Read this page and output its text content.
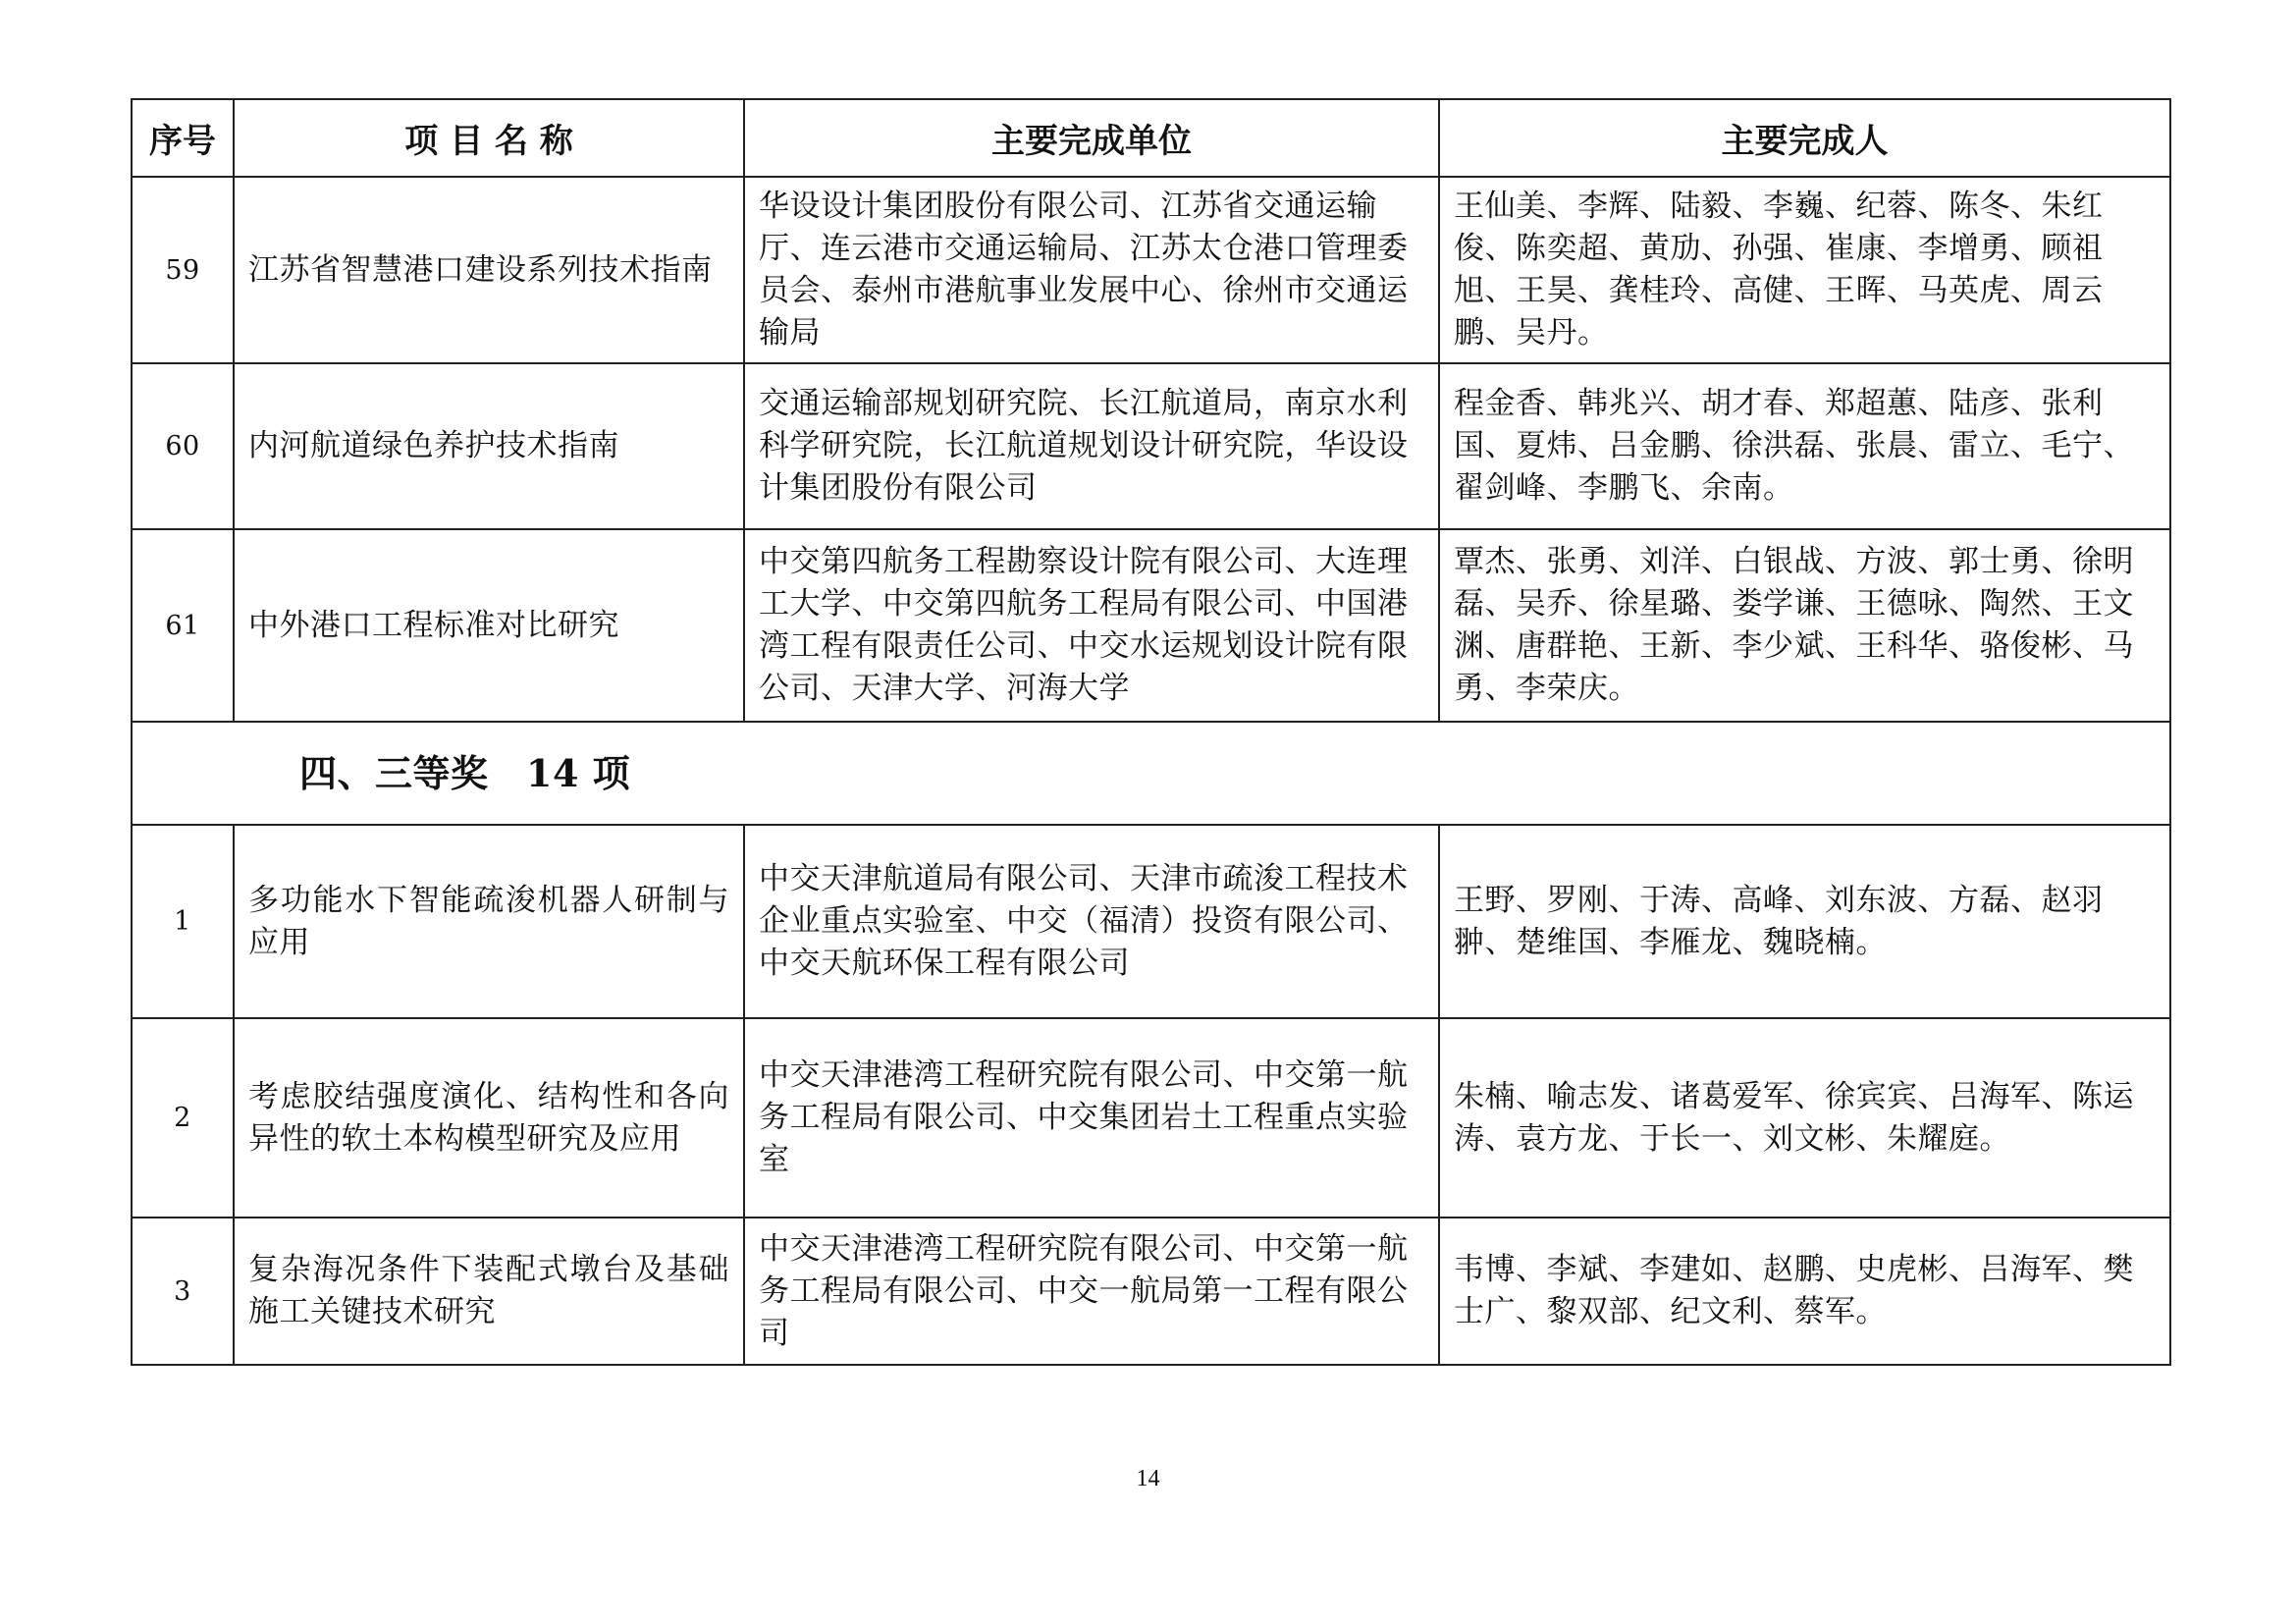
序号	项 目 名 称	主要完成单位	主要完成人
59	江苏省智慧港口建设系列技术指南	华设设计集团股份有限公司、江苏省交通运输厅、连云港市交通运输局、江苏太仓港口管理委员会、泰州市港航事业发展中心、徐州市交通运输局	王仙美、李辉、陆毅、李巍、纪蓉、陈冬、朱红俊、陈奕超、黄劢、孙强、崔康、李增勇、顾祖旭、王昊、龚桂玲、高健、王晖、马英虎、周云鹏、吴丹。
60	内河航道绿色养护技术指南	交通运输部规划研究院、长江航道局，南京水利科学研究院，长江航道规划设计研究院，华设设计集团股份有限公司	程金香、韩兆兴、胡才春、郑超蕙、陆彦、张利国、夏炜、吕金鹏、徐洪磊、张晨、雷立、毛宁、翟剑峰、李鹏飞、余南。
61	中外港口工程标准对比研究	中交第四航务工程勘察设计院有限公司、大连理工大学、中交第四航务工程局有限公司、中国港湾工程有限责任公司、中交水运规划设计院有限公司、天津大学、河海大学	覃杰、张勇、刘洋、白银战、方波、郭士勇、徐明磊、吴乔、徐星璐、娄学谦、王德咏、陶然、王文渊、唐群艳、王新、李少斌、王科华、骆俊彬、马勇、李荣庆。
四、三等奖　14 项			
1	多功能水下智能疏浚机器人研制与应用	中交天津航道局有限公司、天津市疏浚工程技术企业重点实验室、中交（福清）投资有限公司、中交天航环保工程有限公司	王野、罗刚、于涛、高峰、刘东波、方磊、赵羽翀、楚维国、李雁龙、魏晓楠。
2	考虑胶结强度演化、结构性和各向异性的软土本构模型研究及应用	中交天津港湾工程研究院有限公司、中交第一航务工程局有限公司、中交集团岩土工程重点实验室	朱楠、喻志发、诸葛爱军、徐宾宾、吕海军、陈运涛、袁方龙、于长一、刘文彬、朱耀庭。
3	复杂海况条件下装配式墩台及基础施工关键技术研究	中交天津港湾工程研究院有限公司、中交第一航务工程局有限公司、中交一航局第一工程有限公司	韦博、李斌、李建如、赵鹏、史虎彬、吕海军、樊士广、黎双部、纪文利、蔡军。
14
